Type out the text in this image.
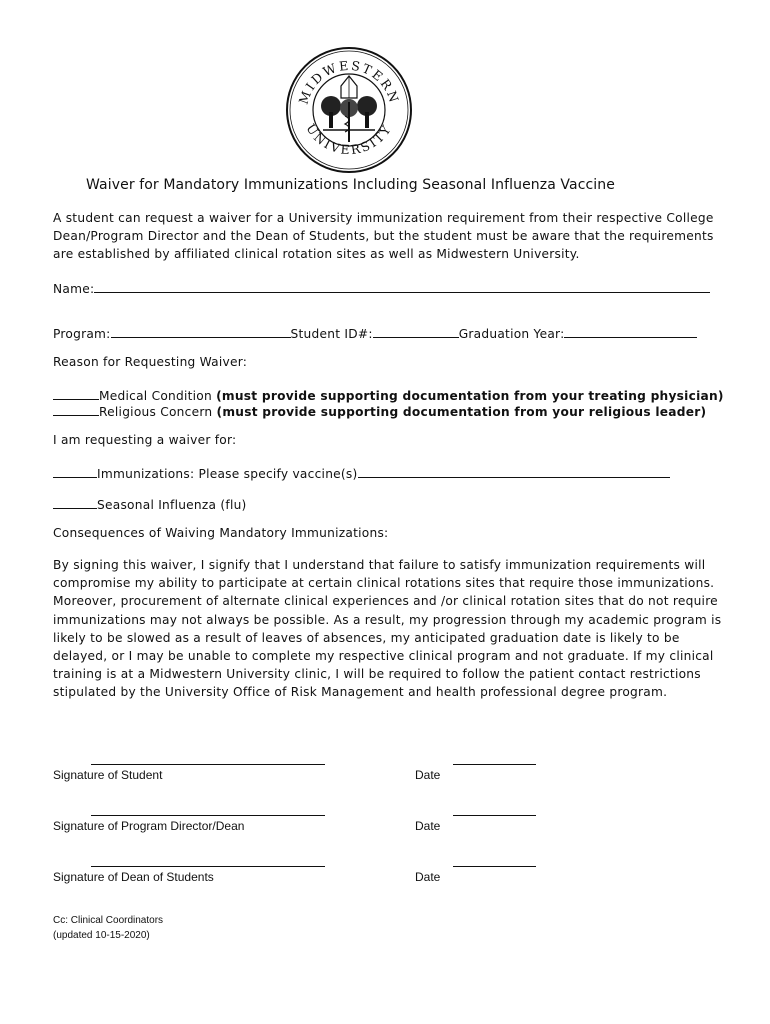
MIDWESTERN
UNIVERSITY
Waiver for Mandatory Immunizations Including Seasonal Influenza Vaccine
A student can request a waiver for a University immunization requirement from their respective College Dean/Program Director and the Dean of Students, but the student must be aware that the requirements are established by affiliated clinical rotation sites as well as Midwestern University.
Name:
Program:	Student ID#:	Graduation Year:
Reason for Requesting Waiver:
Medical Condition (must provide supporting documentation from your treating physician)
Religious Concern (must provide supporting documentation from your religious leader)
I am requesting a waiver for:
Immunizations: Please specify vaccine(s)
Seasonal Influenza (flu)
Consequences of Waiving Mandatory Immunizations:
By signing this waiver, I signify that I understand that failure to satisfy immunization requirements will compromise my ability to participate at certain clinical rotations sites that require those immunizations. Moreover, procurement of alternate clinical experiences and /or clinical rotation sites that do not require immunizations may not always be possible. As a result, my progression through my academic program is likely to be slowed as a result of leaves of absences, my anticipated graduation date is likely to be delayed, or I may be unable to complete my respective clinical program and not graduate. If my clinical training is at a Midwestern University clinic, I will be required to follow the patient contact restrictions stipulated by the University Office of Risk Management and health professional degree program.
Signature of Student	Date
Signature of Program Director/Dean	Date
Signature of Dean of Students	Date
Cc: Clinical Coordinators
(updated 10-15-2020)
